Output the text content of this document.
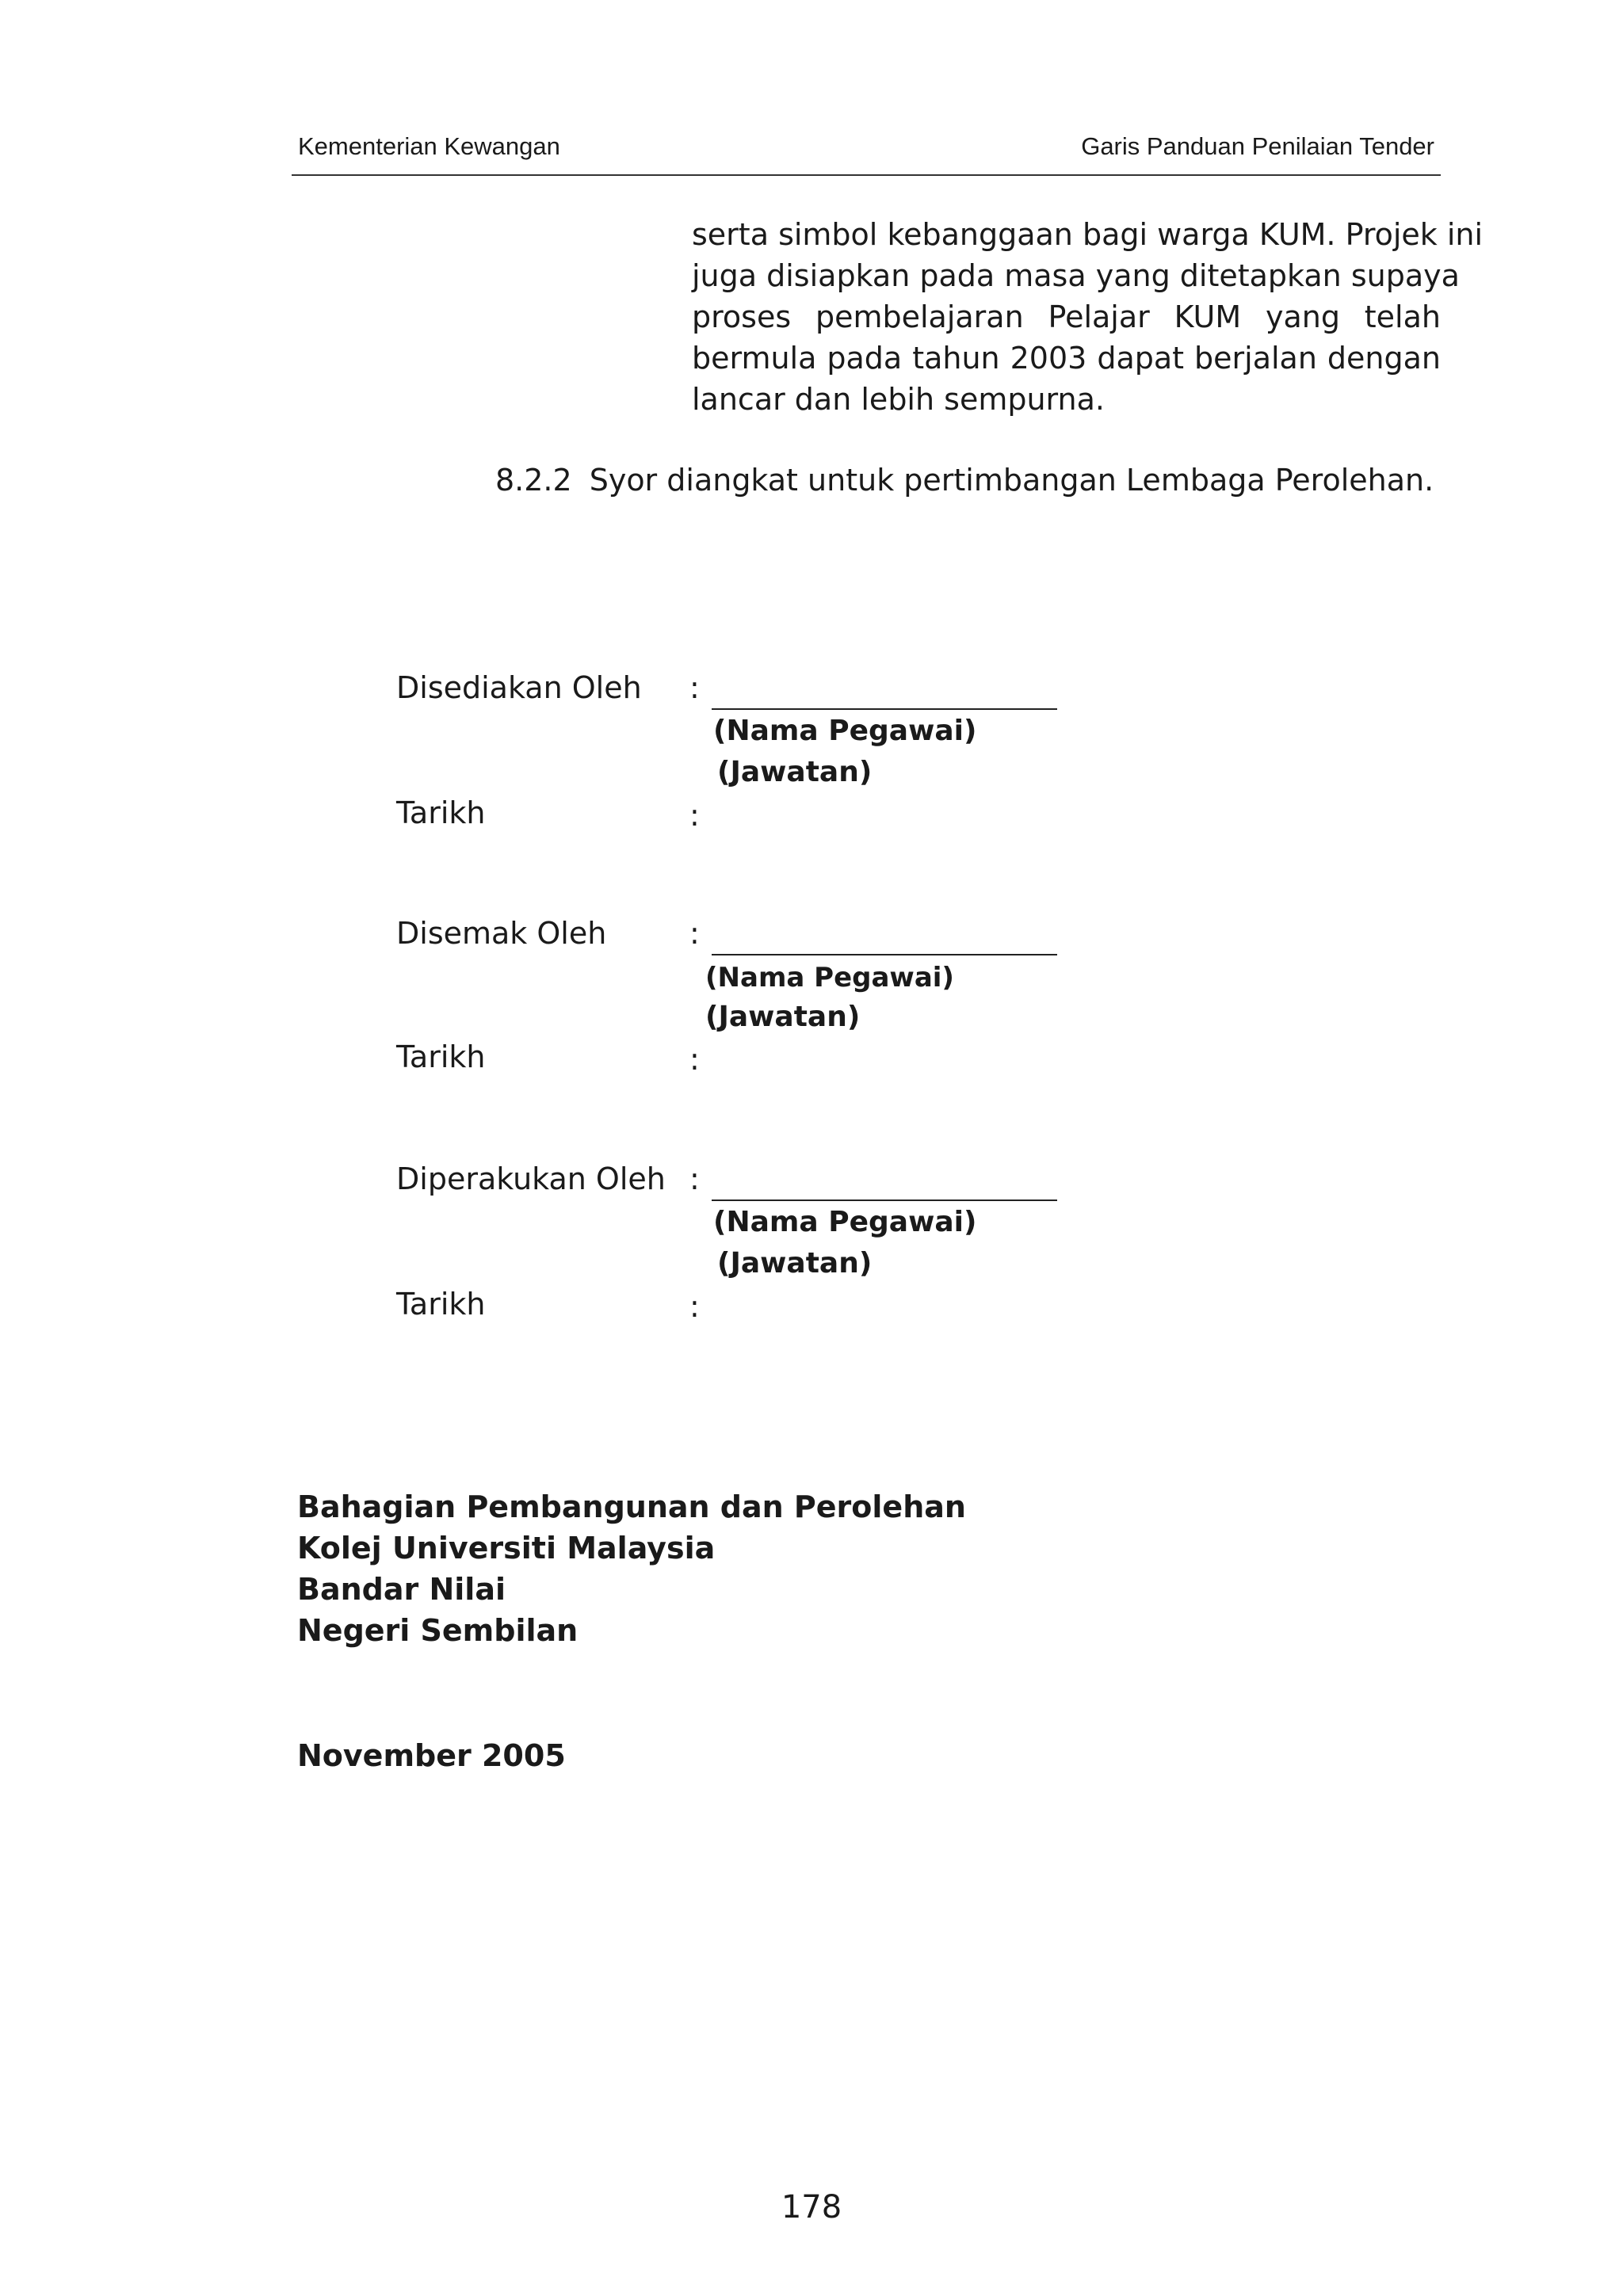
Kementerian Kewangan	Garis Panduan Penilaian Tender
serta simbol kebanggaan bagi warga KUM. Projek ini
juga disiapkan pada masa yang ditetapkan supaya
proses pembelajaran Pelajar KUM yang telah
bermula pada tahun 2003 dapat berjalan dengan
lancar dan lebih sempurna.
8.2.2 Syor diangkat untuk pertimbangan Lembaga Perolehan.
Disediakan Oleh :
(Nama Pegawai)
(Jawatan)
Tarikh	:
Disemak Oleh	:
(Nama Pegawai)
(Jawatan)
Tarikh	:
Diperakukan Oleh :
(Nama Pegawai)
(Jawatan)
Tarikh	:
Bahagian Pembangunan dan Perolehan
Kolej Universiti Malaysia
Bandar Nilai
Negeri Sembilan
November 2005
178
